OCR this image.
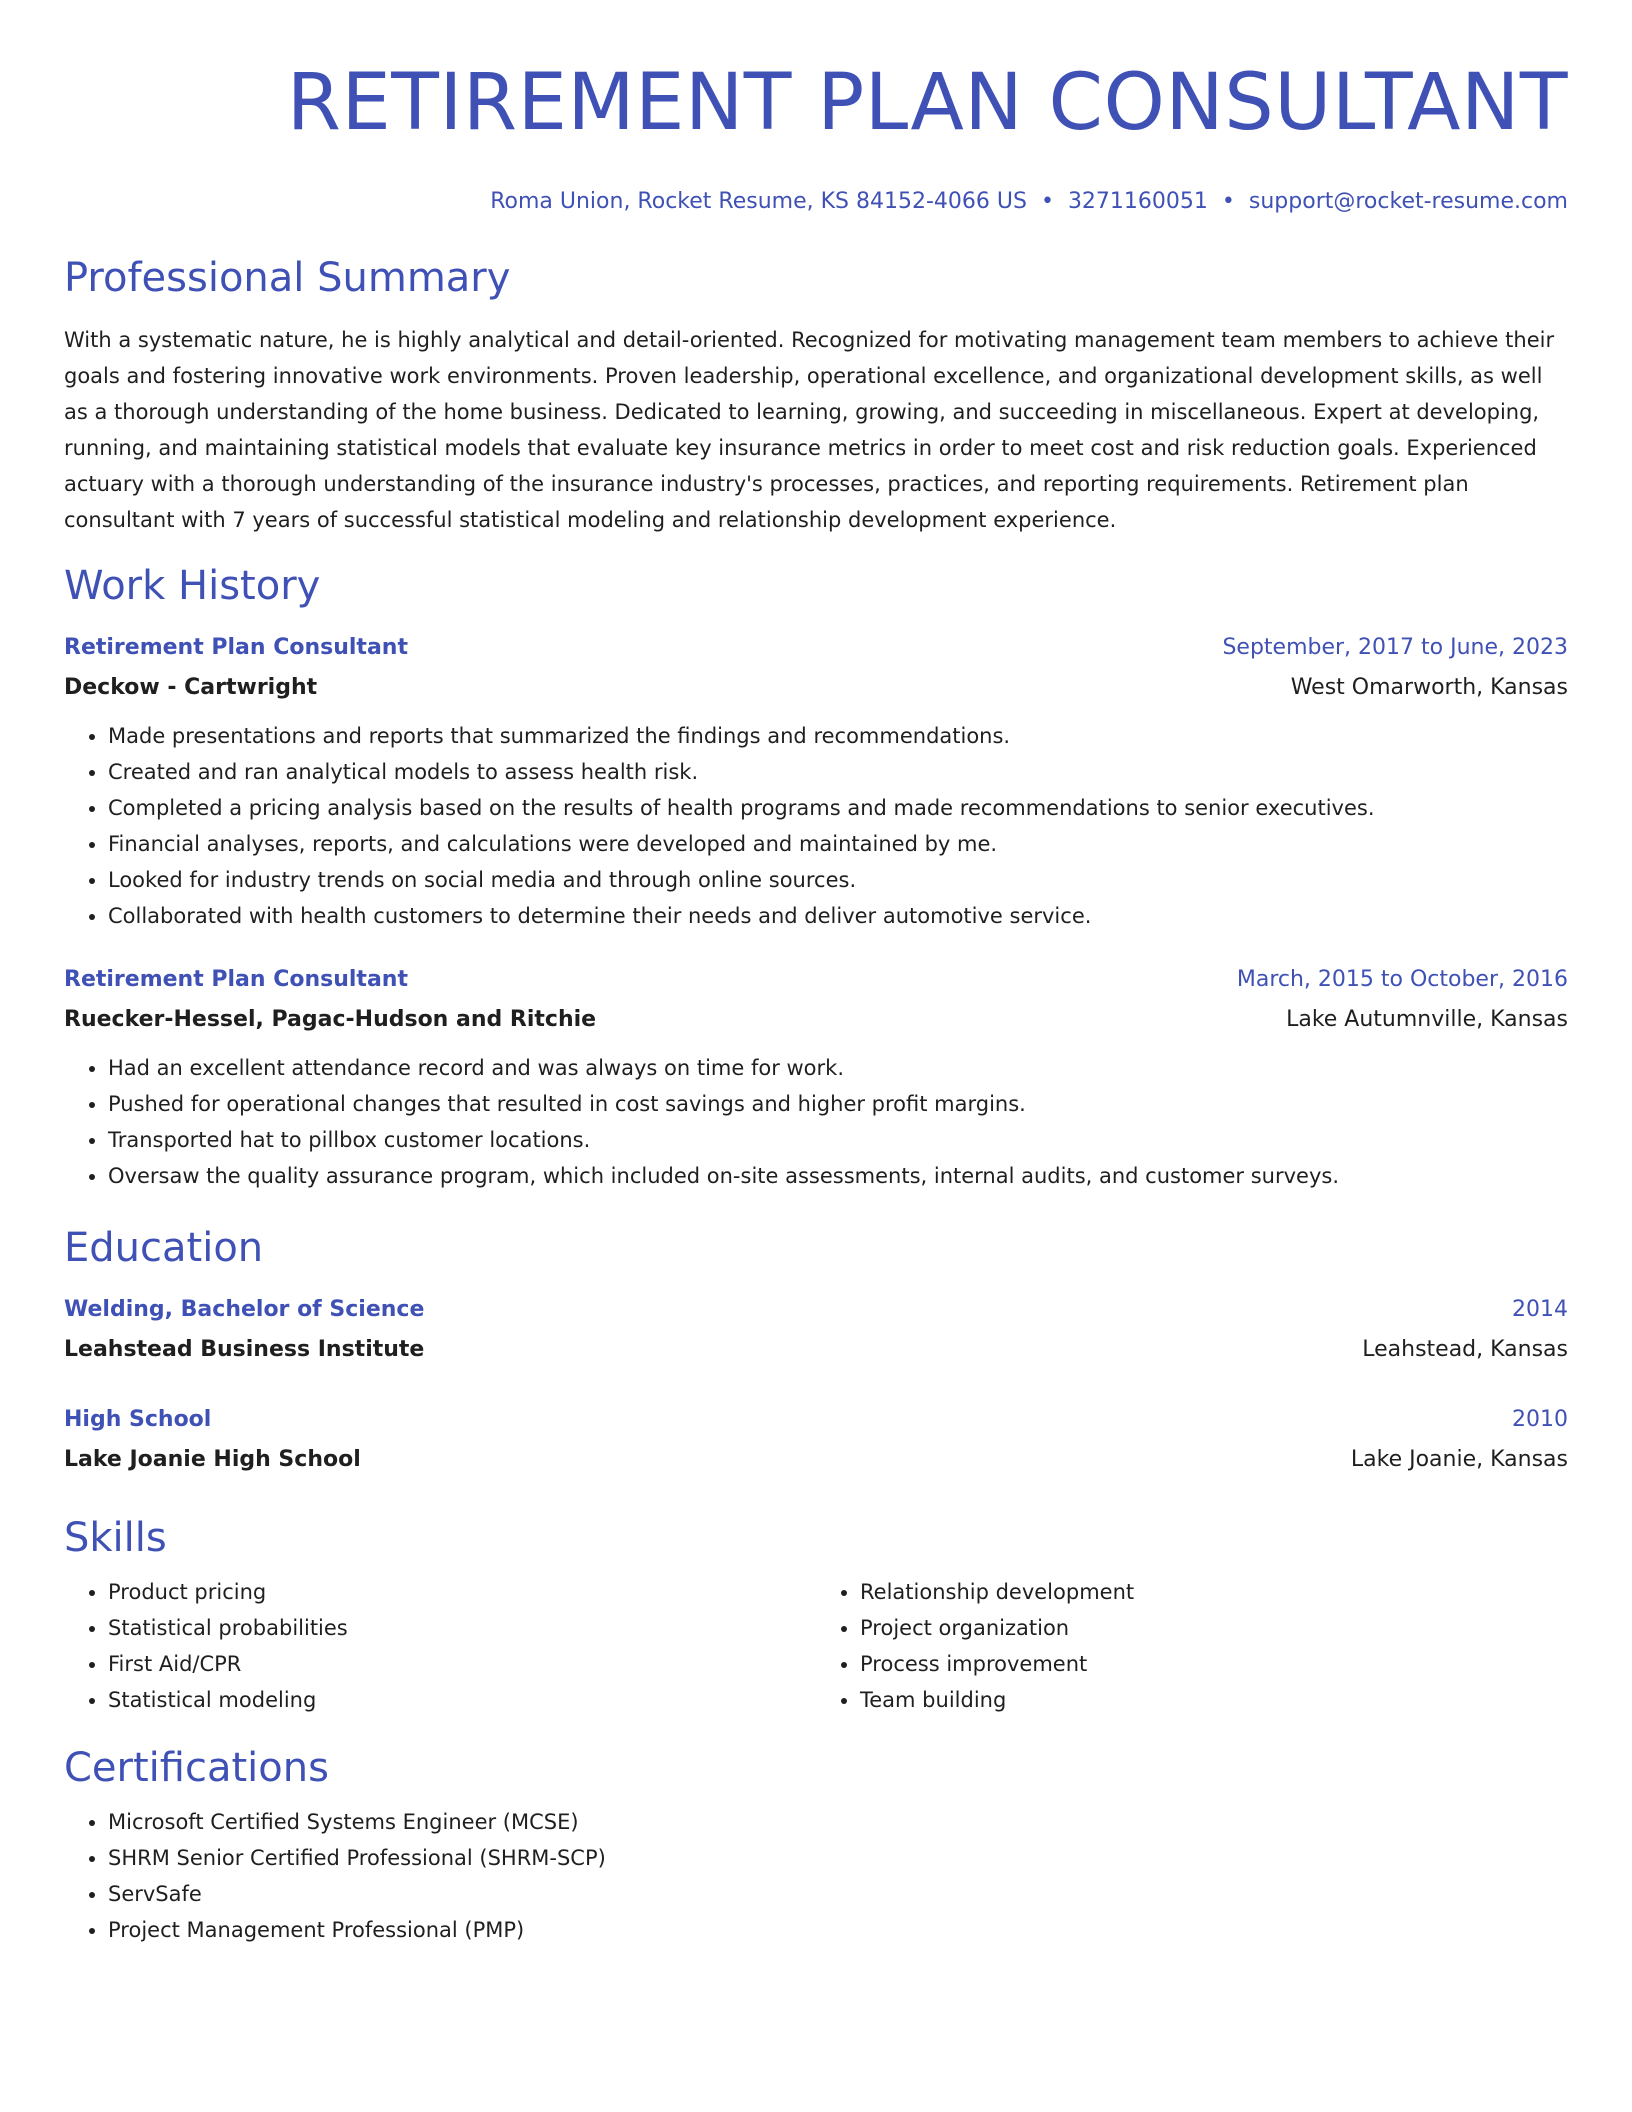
RETIREMENT PLAN CONSULTANT
Roma Union, Rocket Resume, KS 84152-4066 US • 3271160051 • support@rocket-resume.com
Professional Summary
With a systematic nature, he is highly analytical and detail-oriented. Recognized for motivating management team members to achieve their goals and fostering innovative work environments. Proven leadership, operational excellence, and organizational development skills, as well as a thorough understanding of the home business. Dedicated to learning, growing, and succeeding in miscellaneous. Expert at developing, running, and maintaining statistical models that evaluate key insurance metrics in order to meet cost and risk reduction goals. Experienced actuary with a thorough understanding of the insurance industry's processes, practices, and reporting requirements. Retirement plan consultant with 7 years of successful statistical modeling and relationship development experience.
Work History
Retirement Plan Consultant	September, 2017 to June, 2023
Deckow - Cartwright	West Omarworth, Kansas
• Made presentations and reports that summarized the findings and recommendations.
• Created and ran analytical models to assess health risk.
• Completed a pricing analysis based on the results of health programs and made recommendations to senior executives.
• Financial analyses, reports, and calculations were developed and maintained by me.
• Looked for industry trends on social media and through online sources.
• Collaborated with health customers to determine their needs and deliver automotive service.
Retirement Plan Consultant	March, 2015 to October, 2016
Ruecker-Hessel, Pagac-Hudson and Ritchie	Lake Autumnville, Kansas
• Had an excellent attendance record and was always on time for work.
• Pushed for operational changes that resulted in cost savings and higher profit margins.
• Transported hat to pillbox customer locations.
• Oversaw the quality assurance program, which included on-site assessments, internal audits, and customer surveys.
Education
Welding, Bachelor of Science	2014
Leahstead Business Institute	Leahstead, Kansas
High School	2010
Lake Joanie High School	Lake Joanie, Kansas
Skills
• Product pricing
• Statistical probabilities
• First Aid/CPR
• Statistical modeling
• Relationship development
• Project organization
• Process improvement
• Team building
Certifications
• Microsoft Certified Systems Engineer (MCSE)
• SHRM Senior Certified Professional (SHRM-SCP)
• ServSafe
• Project Management Professional (PMP)
